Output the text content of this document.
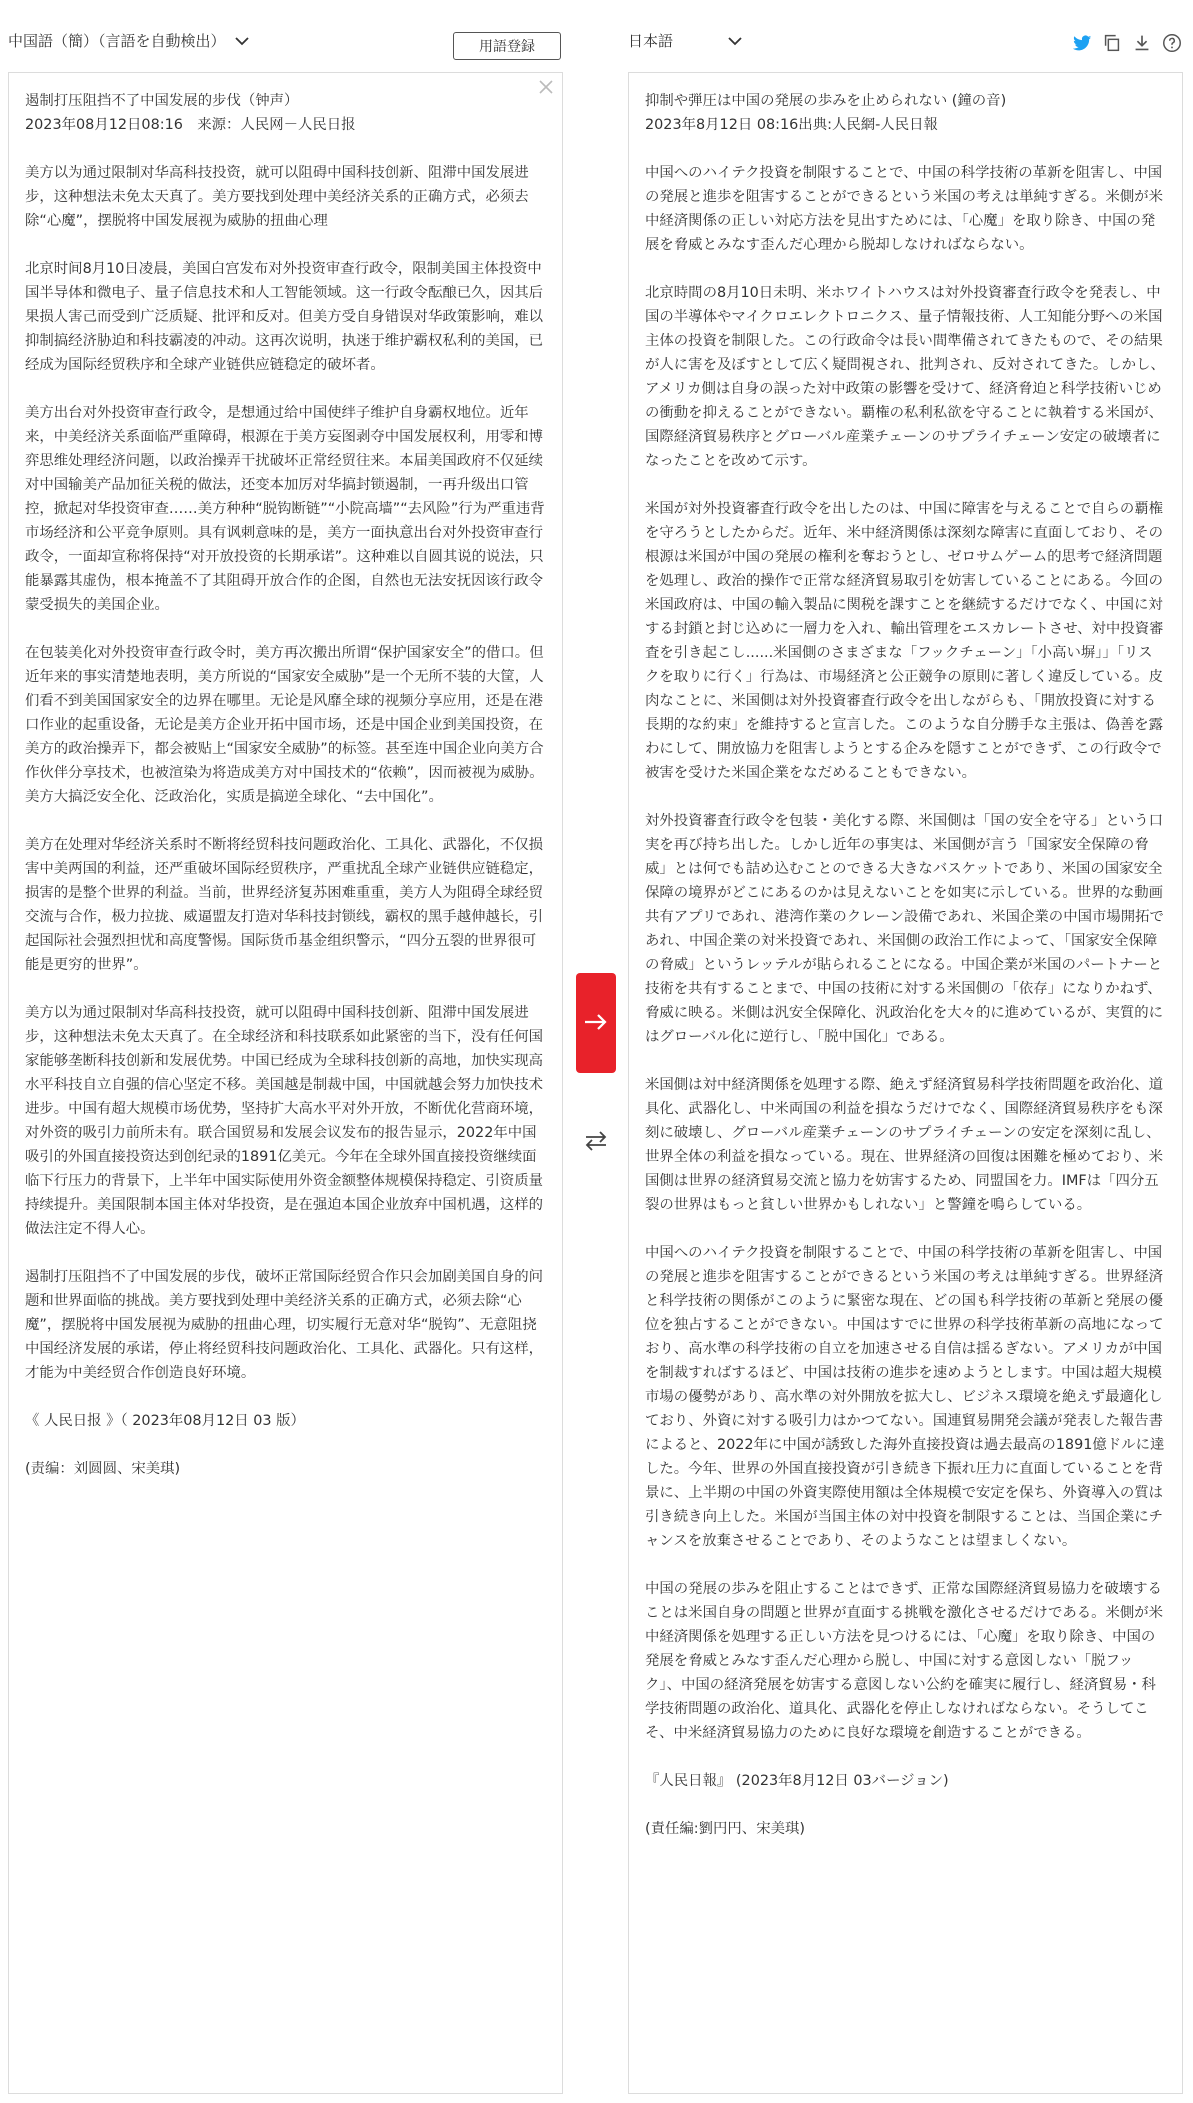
中国語（簡）（言語を自動検出）	用語登録	日本語

遏制打压阻挡不了中国发展的步伐（钟声）
2023年08月12日08:16　来源：人民网－人民日报

美方以为通过限制对华高科技投资，就可以阻碍中国科技创新、阻滞中国发展进步，这种想法未免太天真了。美方要找到处理中美经济关系的正确方式，必须去除“心魔”，摆脱将中国发展视为威胁的扭曲心理

北京时间8月10日凌晨，美国白宫发布对外投资审查行政令，限制美国主体投资中国半导体和微电子、量子信息技术和人工智能领域。这一行政令酝酿已久，因其后果损人害己而受到广泛质疑、批评和反对。但美方受自身错误对华政策影响，难以抑制搞经济胁迫和科技霸凌的冲动。这再次说明，执迷于维护霸权私利的美国，已经成为国际经贸秩序和全球产业链供应链稳定的破坏者。

美方出台对外投资审查行政令，是想通过给中国使绊子维护自身霸权地位。近年来，中美经济关系面临严重障碍，根源在于美方妄图剥夺中国发展权利，用零和博弈思维处理经济问题，以政治操弄干扰破坏正常经贸往来。本届美国政府不仅延续对中国输美产品加征关税的做法，还变本加厉对华搞封锁遏制，一再升级出口管控，掀起对华投资审查……美方种种“脱钩断链”“小院高墙”“去风险”行为严重违背市场经济和公平竞争原则。具有讽刺意味的是，美方一面执意出台对外投资审查行政令，一面却宣称将保持“对开放投资的长期承诺”。这种难以自圆其说的说法，只能暴露其虚伪，根本掩盖不了其阻碍开放合作的企图，自然也无法安抚因该行政令蒙受损失的美国企业。

在包装美化对外投资审查行政令时，美方再次搬出所谓“保护国家安全”的借口。但近年来的事实清楚地表明，美方所说的“国家安全威胁”是一个无所不装的大筐，人们看不到美国国家安全的边界在哪里。无论是风靡全球的视频分享应用，还是在港口作业的起重设备，无论是美方企业开拓中国市场，还是中国企业到美国投资，在美方的政治操弄下，都会被贴上“国家安全威胁”的标签。甚至连中国企业向美方合作伙伴分享技术，也被渲染为将造成美方对中国技术的“依赖”，因而被视为威胁。美方大搞泛安全化、泛政治化，实质是搞逆全球化、“去中国化”。

美方在处理对华经济关系时不断将经贸科技问题政治化、工具化、武器化，不仅损害中美两国的利益，还严重破坏国际经贸秩序，严重扰乱全球产业链供应链稳定，损害的是整个世界的利益。当前，世界经济复苏困难重重，美方人为阻碍全球经贸交流与合作，极力拉拢、威逼盟友打造对华科技封锁线，霸权的黑手越伸越长，引起国际社会强烈担忧和高度警惕。国际货币基金组织警示，“四分五裂的世界很可能是更穷的世界”。

美方以为通过限制对华高科技投资，就可以阻碍中国科技创新、阻滞中国发展进步，这种想法未免太天真了。在全球经济和科技联系如此紧密的当下，没有任何国家能够垄断科技创新和发展优势。中国已经成为全球科技创新的高地，加快实现高水平科技自立自强的信心坚定不移。美国越是制裁中国，中国就越会努力加快技术进步。中国有超大规模市场优势，坚持扩大高水平对外开放，不断优化营商环境，对外资的吸引力前所未有。联合国贸易和发展会议发布的报告显示，2022年中国吸引的外国直接投资达到创纪录的1891亿美元。今年在全球外国直接投资继续面临下行压力的背景下，上半年中国实际使用外资金额整体规模保持稳定、引资质量持续提升。美国限制本国主体对华投资，是在强迫本国企业放弃中国机遇，这样的做法注定不得人心。

遏制打压阻挡不了中国发展的步伐，破坏正常国际经贸合作只会加剧美国自身的问题和世界面临的挑战。美方要找到处理中美经济关系的正确方式，必须去除“心魔”，摆脱将中国发展视为威胁的扭曲心理，切实履行无意对华“脱钩”、无意阻挠中国经济发展的承诺，停止将经贸科技问题政治化、工具化、武器化。只有这样，才能为中美经贸合作创造良好环境。

《 人民日报 》（ 2023年08月12日 03 版）

(责编：刘圆圆、宋美琪)

抑制や弾圧は中国の発展の歩みを止められない (鐘の音)
2023年8月12日 08:16出典:人民網-人民日報

中国へのハイテク投資を制限することで、中国の科学技術の革新を阻害し、中国の発展と進歩を阻害することができるという米国の考えは単純すぎる。米側が米中経済関係の正しい対応方法を見出すためには、「心魔」を取り除き、中国の発展を脅威とみなす歪んだ心理から脱却しなければならない。

北京時間の8月10日未明、米ホワイトハウスは対外投資審査行政令を発表し、中国の半導体やマイクロエレクトロニクス、量子情報技術、人工知能分野への米国主体の投資を制限した。この行政命令は長い間準備されてきたもので、その結果が人に害を及ぼすとして広く疑問視され、批判され、反対されてきた。しかし、アメリカ側は自身の誤った対中政策の影響を受けて、経済脅迫と科学技術いじめの衝動を抑えることができない。覇権の私利私欲を守ることに執着する米国が、国際経済貿易秩序とグローバル産業チェーンのサプライチェーン安定の破壊者になったことを改めて示す。

米国が対外投資審査行政令を出したのは、中国に障害を与えることで自らの覇権を守ろうとしたからだ。近年、米中経済関係は深刻な障害に直面しており、その根源は米国が中国の発展の権利を奪おうとし、ゼロサムゲーム的思考で経済問題を処理し、政治的操作で正常な経済貿易取引を妨害していることにある。今回の米国政府は、中国の輸入製品に関税を課すことを継続するだけでなく、中国に対する封鎖と封じ込めに一層力を入れ、輸出管理をエスカレートさせ、対中投資審査を引き起こし......米国側のさまざまな「フックチェーン」「小高い塀」」「リスクを取りに行く」行為は、市場経済と公正競争の原則に著しく違反している。皮肉なことに、米国側は対外投資審査行政令を出しながらも、「開放投資に対する長期的な約束」を維持すると宣言した。このような自分勝手な主張は、偽善を露わにして、開放協力を阻害しようとする企みを隠すことができず、この行政令で被害を受けた米国企業をなだめることもできない。

対外投資審査行政令を包装・美化する際、米国側は「国の安全を守る」という口実を再び持ち出した。しかし近年の事実は、米国側が言う「国家安全保障の脅威」とは何でも詰め込むことのできる大きなバスケットであり、米国の国家安全保障の境界がどこにあるのかは見えないことを如実に示している。世界的な動画共有アプリであれ、港湾作業のクレーン設備であれ、米国企業の中国市場開拓であれ、中国企業の対米投資であれ、米国側の政治工作によって、「国家安全保障の脅威」というレッテルが貼られることになる。中国企業が米国のパートナーと技術を共有することまで、中国の技術に対する米国側の「依存」になりかねず、脅威に映る。米側は汎安全保障化、汎政治化を大々的に進めているが、実質的にはグローバル化に逆行し、「脱中国化」である。

米国側は対中経済関係を処理する際、絶えず経済貿易科学技術問題を政治化、道具化、武器化し、中米両国の利益を損なうだけでなく、国際経済貿易秩序をも深刻に破壊し、グローバル産業チェーンのサプライチェーンの安定を深刻に乱し、世界全体の利益を損なっている。現在、世界経済の回復は困難を極めており、米国側は世界の経済貿易交流と協力を妨害するため、同盟国を力。IMFは「四分五裂の世界はもっと貧しい世界かもしれない」と警鐘を鳴らしている。

中国へのハイテク投資を制限することで、中国の科学技術の革新を阻害し、中国の発展と進歩を阻害することができるという米国の考えは単純すぎる。世界経済と科学技術の関係がこのように緊密な現在、どの国も科学技術の革新と発展の優位を独占することができない。中国はすでに世界の科学技術革新の高地になっており、高水準の科学技術の自立を加速させる自信は揺るぎない。アメリカが中国を制裁すればするほど、中国は技術の進歩を速めようとします。中国は超大規模市場の優勢があり、高水準の対外開放を拡大し、ビジネス環境を絶えず最適化しており、外資に対する吸引力はかつてない。国連貿易開発会議が発表した報告書によると、2022年に中国が誘致した海外直接投資は過去最高の1891億ドルに達した。今年、世界の外国直接投資が引き続き下振れ圧力に直面していることを背景に、上半期の中国の外資実際使用額は全体規模で安定を保ち、外資導入の質は引き続き向上した。米国が当国主体の対中投資を制限することは、当国企業にチャンスを放棄させることであり、そのようなことは望ましくない。

中国の発展の歩みを阻止することはできず、正常な国際経済貿易協力を破壊することは米国自身の問題と世界が直面する挑戦を激化させるだけである。米側が米中経済関係を処理する正しい方法を見つけるには、「心魔」を取り除き、中国の発展を脅威とみなす歪んだ心理から脱し、中国に対する意図しない「脱フック」、中国の経済発展を妨害する意図しない公約を確実に履行し、経済貿易・科学技術問題の政治化、道具化、武器化を停止しなければならない。そうしてこそ、中米経済貿易協力のために良好な環境を創造することができる。

『人民日報』 (2023年8月12日 03バージョン)

(責任編:劉円円、宋美琪)
